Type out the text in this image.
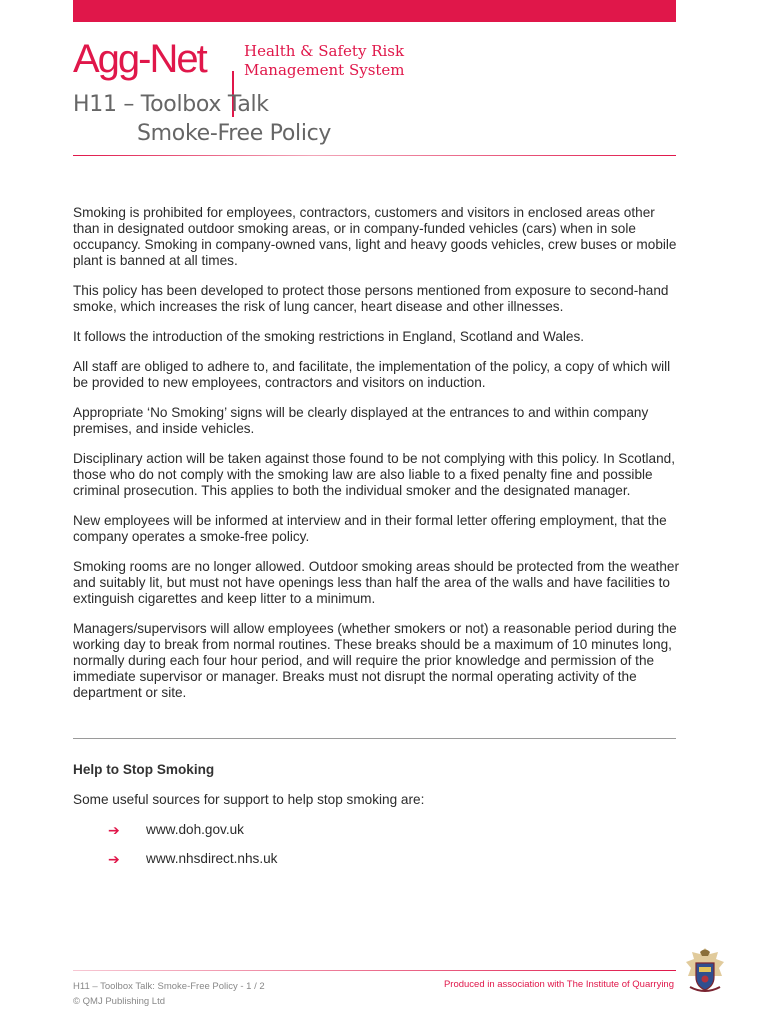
Agg-Net	Health & Safety Risk
Management System
H11 – Toolbox Talk
Smoke-Free Policy

Smoking is prohibited for employees, contractors, customers and visitors in enclosed areas other than in designated outdoor smoking areas, or in company-funded vehicles (cars) when in sole occupancy. Smoking in company-owned vans, light and heavy goods vehicles, crew buses or mobile plant is banned at all times.

This policy has been developed to protect those persons mentioned from exposure to second-hand smoke, which increases the risk of lung cancer, heart disease and other illnesses.

It follows the introduction of the smoking restrictions in England, Scotland and Wales.

All staff are obliged to adhere to, and facilitate, the implementation of the policy, a copy of which will be provided to new employees, contractors and visitors on induction.

Appropriate ‘No Smoking’ signs will be clearly displayed at the entrances to and within company premises, and inside vehicles.

Disciplinary action will be taken against those found to be not complying with this policy. In Scotland, those who do not comply with the smoking law are also liable to a fixed penalty fine and possible criminal prosecution. This applies to both the individual smoker and the designated manager.

New employees will be informed at interview and in their formal letter offering employment, that the company operates a smoke-free policy.

Smoking rooms are no longer allowed. Outdoor smoking areas should be protected from the weather and suitably lit, but must not have openings less than half the area of the walls and have facilities to extinguish cigarettes and keep litter to a minimum.

Managers/supervisors will allow employees (whether smokers or not) a reasonable period during the working day to break from normal routines. These breaks should be a maximum of 10 minutes long, normally during each four hour period, and will require the prior knowledge and permission of the immediate supervisor or manager. Breaks must not disrupt the normal operating activity of the department or site.

Help to Stop Smoking
Some useful sources for support to help stop smoking are:
➔	www.doh.gov.uk
➔	www.nhsdirect.nhs.uk
H11 – Toolbox Talk: Smoke-Free Policy - 1 / 2
© QMJ Publishing Ltd
Produced in association with The Institute of Quarrying
